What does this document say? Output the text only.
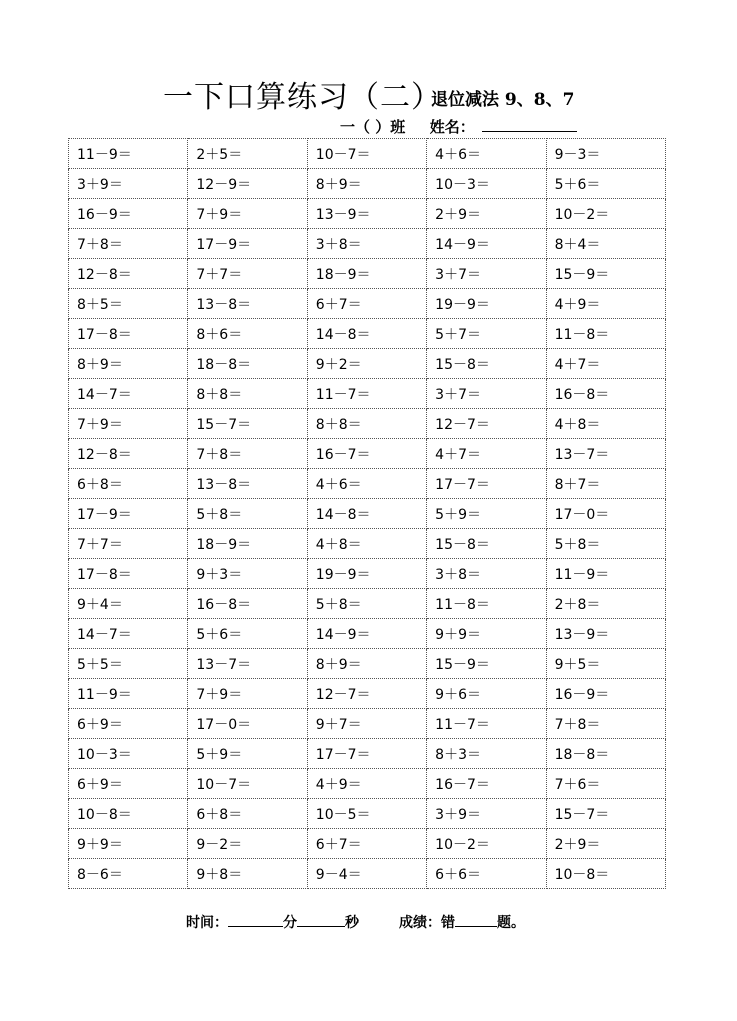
一下口算练习（二）
退位减法 9、8、7
一（ ）班 姓名：
11－9＝	2＋5＝	10－7＝	4＋6＝	9－3＝
3＋9＝	12－9＝	8＋9＝	10－3＝	5＋6＝
16－9＝	7＋9＝	13－9＝	2＋9＝	10－2＝
7＋8＝	17－9＝	3＋8＝	14－9＝	8＋4＝
12－8＝	7＋7＝	18－9＝	3＋7＝	15－9＝
8＋5＝	13－8＝	6＋7＝	19－9＝	4＋9＝
17－8＝	8＋6＝	14－8＝	5＋7＝	11－8＝
8＋9＝	18－8＝	9＋2＝	15－8＝	4＋7＝
14－7＝	8＋8＝	11－7＝	3＋7＝	16－8＝
7＋9＝	15－7＝	8＋8＝	12－7＝	4＋8＝
12－8＝	7＋8＝	16－7＝	4＋7＝	13－7＝
6＋8＝	13－8＝	4＋6＝	17－7＝	8＋7＝
17－9＝	5＋8＝	14－8＝	5＋9＝	17－0＝
7＋7＝	18－9＝	4＋8＝	15－8＝	5＋8＝
17－8＝	9＋3＝	19－9＝	3＋8＝	11－9＝
9＋4＝	16－8＝	5＋8＝	11－8＝	2＋8＝
14－7＝	5＋6＝	14－9＝	9＋9＝	13－9＝
5＋5＝	13－7＝	8＋9＝	15－9＝	9＋5＝
11－9＝	7＋9＝	12－7＝	9＋6＝	16－9＝
6＋9＝	17－0＝	9＋7＝	11－7＝	7＋8＝
10－3＝	5＋9＝	17－7＝	8＋3＝	18－8＝
6＋9＝	10－7＝	4＋9＝	16－7＝	7＋6＝
10－8＝	6＋8＝	10－5＝	3＋9＝	15－7＝
9＋9＝	9－2＝	6＋7＝	10－2＝	2＋9＝
8－6＝	9＋8＝	9－4＝	6＋6＝	10－8＝
时间：	分	秒	成绩：错	题。
